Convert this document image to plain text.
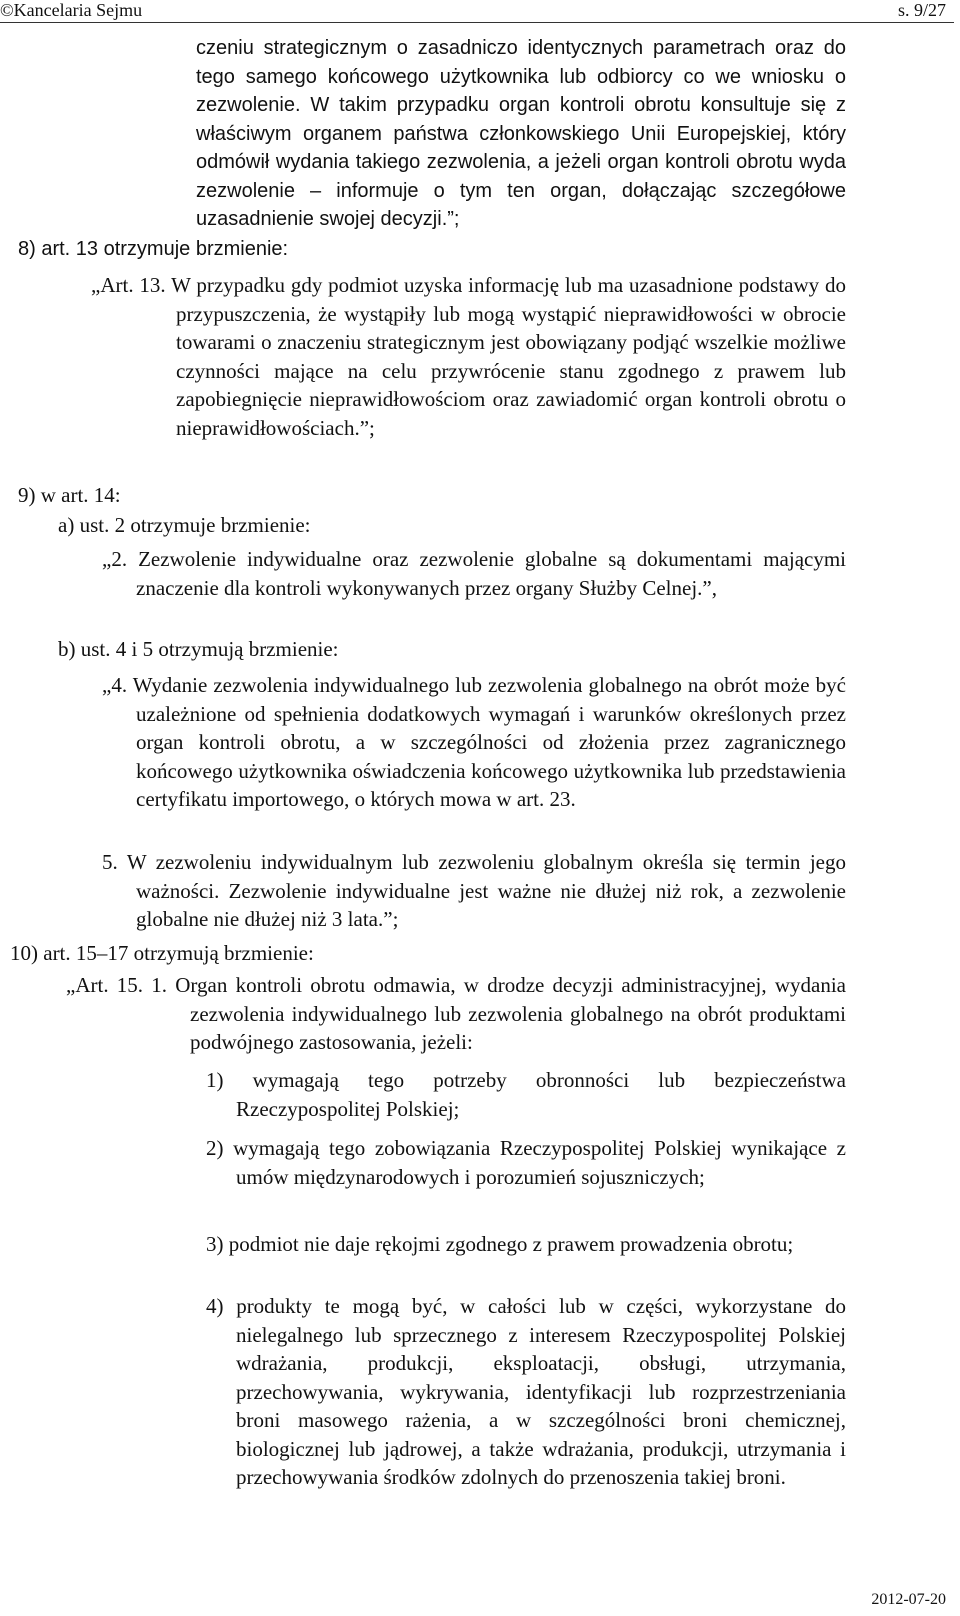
©Kancelaria Sejmu	s. 9/27

czeniu strategicznym o zasadniczo identycznych parametrach oraz do tego samego końcowego użytkownika lub odbiorcy co we wniosku o zezwolenie. W takim przypadku organ kontroli obrotu konsultuje się z właściwym organem państwa członkowskiego Unii Europejskiej, który odmówił wydania takiego zezwolenia, a jeżeli organ kontroli obrotu wyda zezwolenie – informuje o tym ten organ, dołączając szczegółowe uzasadnienie swojej decyzji.”;

8) art. 13 otrzymuje brzmienie:

„Art. 13. W przypadku gdy podmiot uzyska informację lub ma uzasadnione podstawy do przypuszczenia, że wystąpiły lub mogą wystąpić nieprawidłowości w obrocie towarami o znaczeniu strategicznym jest obowiązany podjąć wszelkie możliwe czynności mające na celu przywrócenie stanu zgodnego z prawem lub zapobiegnięcie nieprawidłowościom oraz zawiadomić organ kontroli obrotu o nieprawidłowościach.”;

9) w art. 14:

a) ust. 2 otrzymuje brzmienie:

„2. Zezwolenie indywidualne oraz zezwolenie globalne są dokumentami mającymi znaczenie dla kontroli wykonywanych przez organy Służby Celnej.”,

b) ust. 4 i 5 otrzymują brzmienie:

„4. Wydanie zezwolenia indywidualnego lub zezwolenia globalnego na obrót może być uzależnione od spełnienia dodatkowych wymagań i warunków określonych przez organ kontroli obrotu, a w szczególności od złożenia przez zagranicznego końcowego użytkownika oświadczenia końcowego użytkownika lub przedstawienia certyfikatu importowego, o których mowa w art. 23.

5. W zezwoleniu indywidualnym lub zezwoleniu globalnym określa się termin jego ważności. Zezwolenie indywidualne jest ważne nie dłużej niż rok, a zezwolenie globalne nie dłużej niż 3 lata.”;

10) art. 15–17 otrzymują brzmienie:

„Art. 15. 1. Organ kontroli obrotu odmawia, w drodze decyzji administracyjnej, wydania zezwolenia indywidualnego lub zezwolenia globalnego na obrót produktami podwójnego zastosowania, jeżeli:

1) wymagają tego potrzeby obronności lub bezpieczeństwa Rzeczypospolitej Polskiej;

2) wymagają tego zobowiązania Rzeczypospolitej Polskiej wynikające z umów międzynarodowych i porozumień sojuszniczych;

3) podmiot nie daje rękojmi zgodnego z prawem prowadzenia obrotu;

4) produkty te mogą być, w całości lub w części, wykorzystane do nielegalnego lub sprzecznego z interesem Rzeczypospolitej Polskiej wdrażania, produkcji, eksploatacji, obsługi, utrzymania, przechowywania, wykrywania, identyfikacji lub rozprzestrzeniania broni masowego rażenia, a w szczególności broni chemicznej, biologicznej lub jądrowej, a także wdrażania, produkcji, utrzymania i przechowywania środków zdolnych do przenoszenia takiej broni.

2012-07-20
